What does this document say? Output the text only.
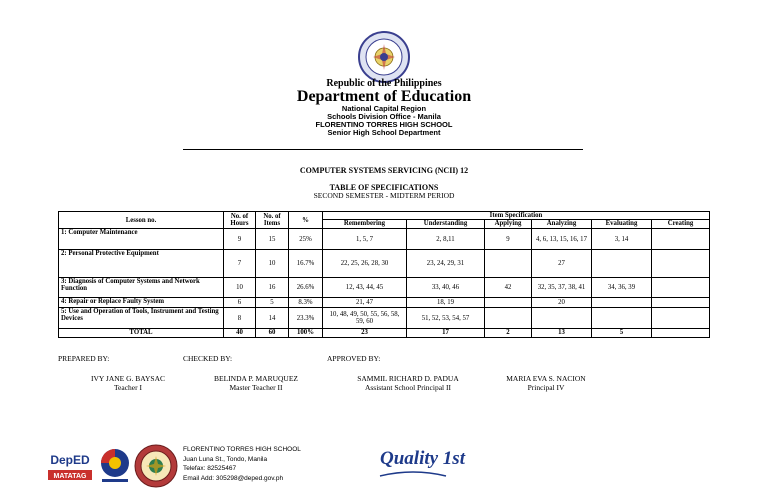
Republic of the Philippines
Department of Education
National Capital Region
Schools Division Office - Manila
FLORENTINO TORRES HIGH SCHOOL
Senior High School Department
COMPUTER SYSTEMS SERVICING (NCII) 12
TABLE OF SPECIFICATIONS
SECOND SEMESTER - MIDTERM PERIOD
Lesson no.	No. of Hours	No. of Items	%	Item Specification					
				Remembering	Understanding	Applying	Analyzing	Evaluating	Creating
1: Computer Maintenance	9	15	25%	1, 5, 7	2, 8,11	9	4, 6, 13, 15, 16, 17	3, 14	
2: Personal Protective Equipment	7	10	16.7%	22, 25, 26, 28, 30	23, 24, 29, 31		27		
3: Diagnosis of Computer Systems and Network Function	10	16	26.6%	12, 43, 44, 45	33, 40, 46	42	32, 35, 37, 38, 41	34, 36, 39	
4: Repair or Replace Faulty System	6	5	8.3%	21, 47	18, 19		20		
5: Use and Operation of Tools, Instrument and Testing Devices	8	14	23.3%	10, 48, 49, 50, 55, 56, 58, 59, 60	51, 52, 53, 54, 57				
TOTAL	40	60	100%	23	17	2	13	5	
PREPARED BY:	CHECKED BY:	APPROVED BY:
IVY JANE G. BAYSAC
Teacher I
BELINDA P. MARUQUEZ
Master Teacher II
SAMMIL RICHARD D. PADUA
Assistant School Principal II
MARIA EVA S. NACION
Principal IV
DepED
MATATAG
FLORENTINO TORRES HIGH SCHOOL
Juan Luna St., Tondo, Manila
Telefax: 82525467
Email Add: 305298@deped.gov.ph
Quality 1st
